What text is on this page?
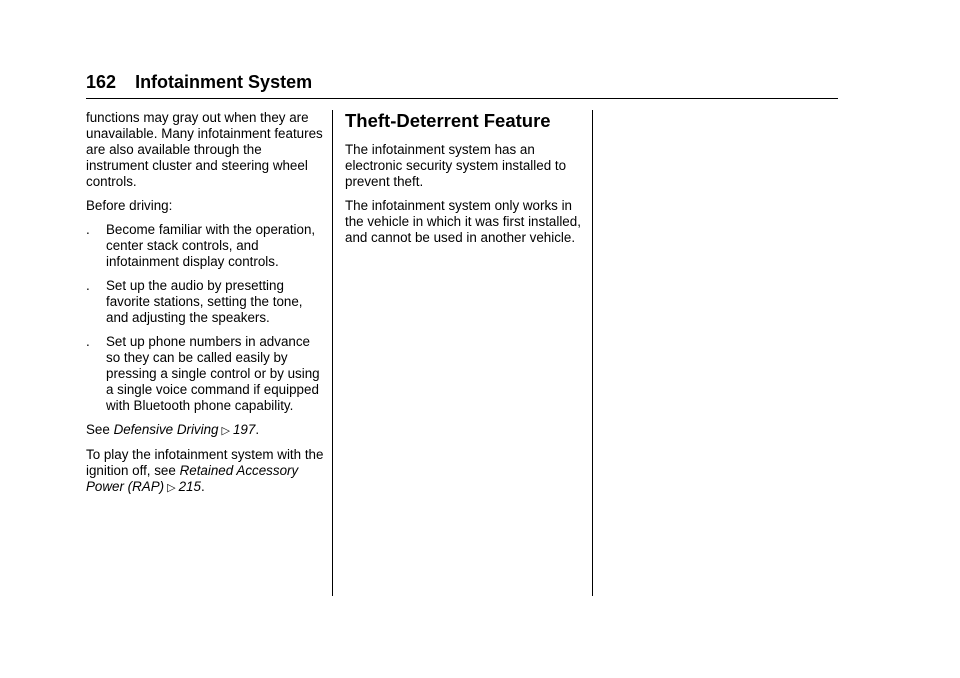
162 Infotainment System

functions may gray out when they are unavailable. Many infotainment features are also available through the instrument cluster and steering wheel controls.

Before driving:

. Become familiar with the operation, center stack controls, and infotainment display controls.
. Set up the audio by presetting favorite stations, setting the tone, and adjusting the speakers.
. Set up phone numbers in advance so they can be called easily by pressing a single control or by using a single voice command if equipped with Bluetooth phone capability.

See Defensive Driving ▷ 197.

To play the infotainment system with the ignition off, see Retained Accessory Power (RAP) ▷ 215.

Theft-Deterrent Feature

The infotainment system has an electronic security system installed to prevent theft.

The infotainment system only works in the vehicle in which it was first installed, and cannot be used in another vehicle.
